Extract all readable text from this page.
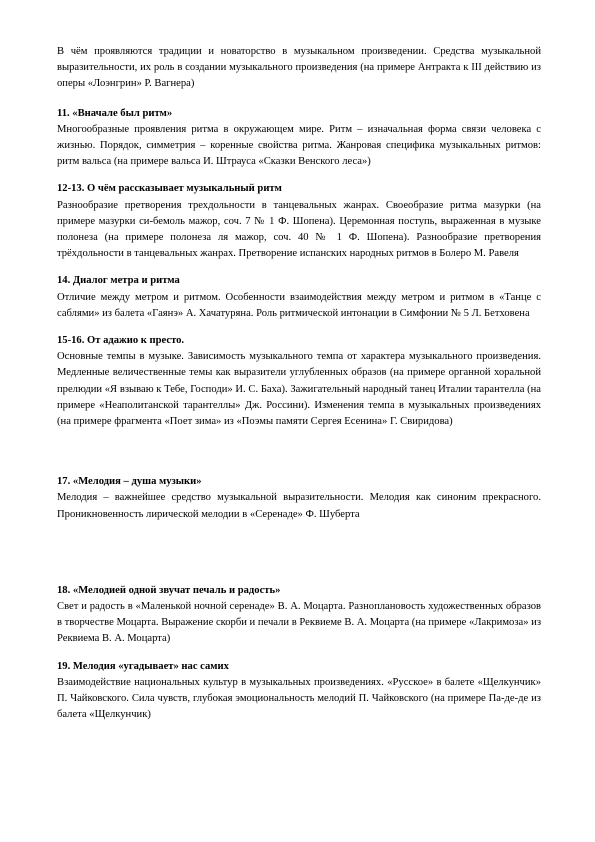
В чём проявляются традиции и новаторство в музыкальном произведении. Средства музыкальной выразительности, их роль в создании музыкального произведения (на примере Антракта к III действию из оперы «Лоэнгрин» Р. Вагнера)

11. «Вначале был ритм»

Многообразные проявления ритма в окружающем мире. Ритм – изначальная форма связи человека с жизнью. Порядок, симметрия – коренные свойства ритма. Жанровая специфика музыкальных ритмов: ритм вальса (на примере вальса И. Штрауса «Сказки Венского леса»)

12-13. О чём рассказывает музыкальный ритм

Разнообразие претворения трехдольности в танцевальных жанрах. Своеобразие ритма мазурки (на примере мазурки си-бемоль мажор, соч. 7 № 1 Ф. Шопена). Церемонная поступь, выраженная в музыке полонеза (на примере полонеза ля мажор, соч. 40 № 1 Ф. Шопена). Разнообразие претворения трёхдольности в танцевальных жанрах. Претворение испанских народных ритмов в Болеро М. Равеля

14. Диалог метра и ритма

Отличие между метром и ритмом. Особенности взаимодействия между метром и ритмом в «Танце с саблями» из балета «Гаянэ» А. Хачатуряна. Роль ритмической интонации в Симфонии № 5 Л. Бетховена

15-16. От адажио к престо.

Основные темпы в музыке. Зависимость музыкального темпа от характера музыкального произведения. Медленные величественные темы как выразители углубленных образов (на примере органной хоральной прелюдии «Я взываю к Тебе, Господи» И. С. Баха). Зажигательный народный танец Италии тарантелла (на примере «Неаполитанской тарантеллы» Дж. Россини). Изменения темпа в музыкальных произведениях (на примере фрагмента «Поет зима» из «Поэмы памяти Сергея Есенина» Г. Свиридова)

17. «Мелодия – душа музыки»

Мелодия – важнейшее средство музыкальной выразительности. Мелодия как синоним прекрасного. Проникновенность лирической мелодии в «Серенаде» Ф. Шуберта

18. «Мелодией одной звучат печаль и радость»

Свет и радость в «Маленькой ночной серенаде» В. А. Моцарта. Разноплановость художественных образов в творчестве Моцарта. Выражение скорби и печали в Реквиеме В. А. Моцарта (на примере «Лакримоза» из Реквиема В. А. Моцарта)

19. Мелодия «угадывает» нас самих

Взаимодействие национальных культур в музыкальных произведениях. «Русское» в балете «Щелкунчик» П. Чайковского. Сила чувств, глубокая эмоциональность мелодий П. Чайковского (на примере Па-де-де из балета «Щелкунчик)
